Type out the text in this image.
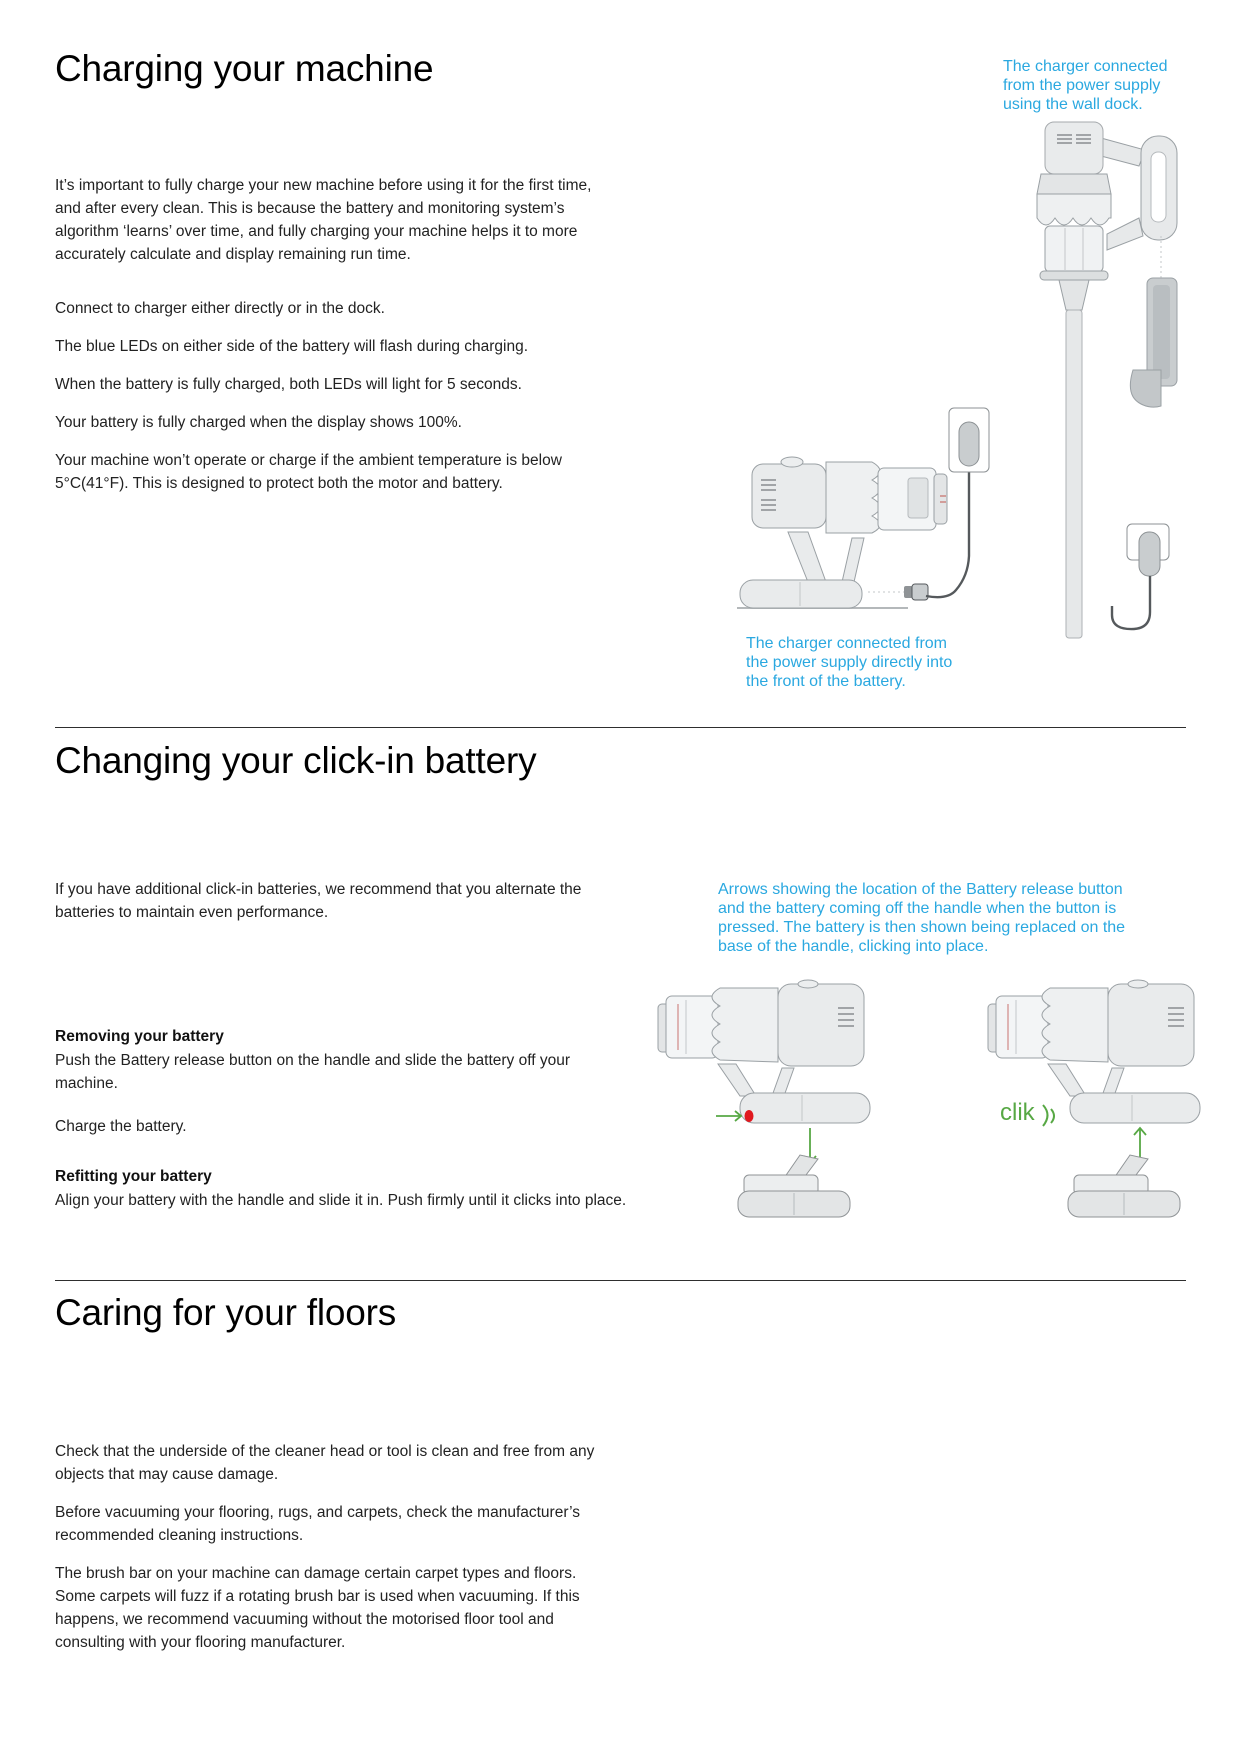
Charging your machine	The charger connected from the power supply using the wall dock.
It’s important to fully charge your new machine before using it for the first time, and after every clean. This is because the battery and monitoring system’s algorithm ‘learns’ over time, and fully charging your machine helps it to more accurately calculate and display remaining run time.

Connect to charger either directly or in the dock.

The blue LEDs on either side of the battery will flash during charging.

When the battery is fully charged, both LEDs will light for 5 seconds.

Your battery is fully charged when the display shows 100%.

Your machine won’t operate or charge if the ambient temperature is below 5°C(41°F). This is designed to protect both the motor and battery.

The charger connected from the power supply directly into the front of the battery.
Changing your click-in battery
If you have additional click-in batteries, we recommend that you alternate the batteries to maintain even performance.
Arrows showing the location of the Battery release button and the battery coming off the handle when the button is pressed. The battery is then shown being replaced on the base of the handle, clicking into place.
Removing your battery
Push the Battery release button on the handle and slide the battery off your machine.
Charge the battery.
Refitting your battery
Align your battery with the handle and slide it in. Push firmly until it clicks into place.
clik
Caring for your floors

Check that the underside of the cleaner head or tool is clean and free from any objects that may cause damage.

Before vacuuming your flooring, rugs, and carpets, check the manufacturer’s recommended cleaning instructions.

The brush bar on your machine can damage certain carpet types and floors. Some carpets will fuzz if a rotating brush bar is used when vacuuming. If this happens, we recommend vacuuming without the motorised floor tool and consulting with your flooring manufacturer.
